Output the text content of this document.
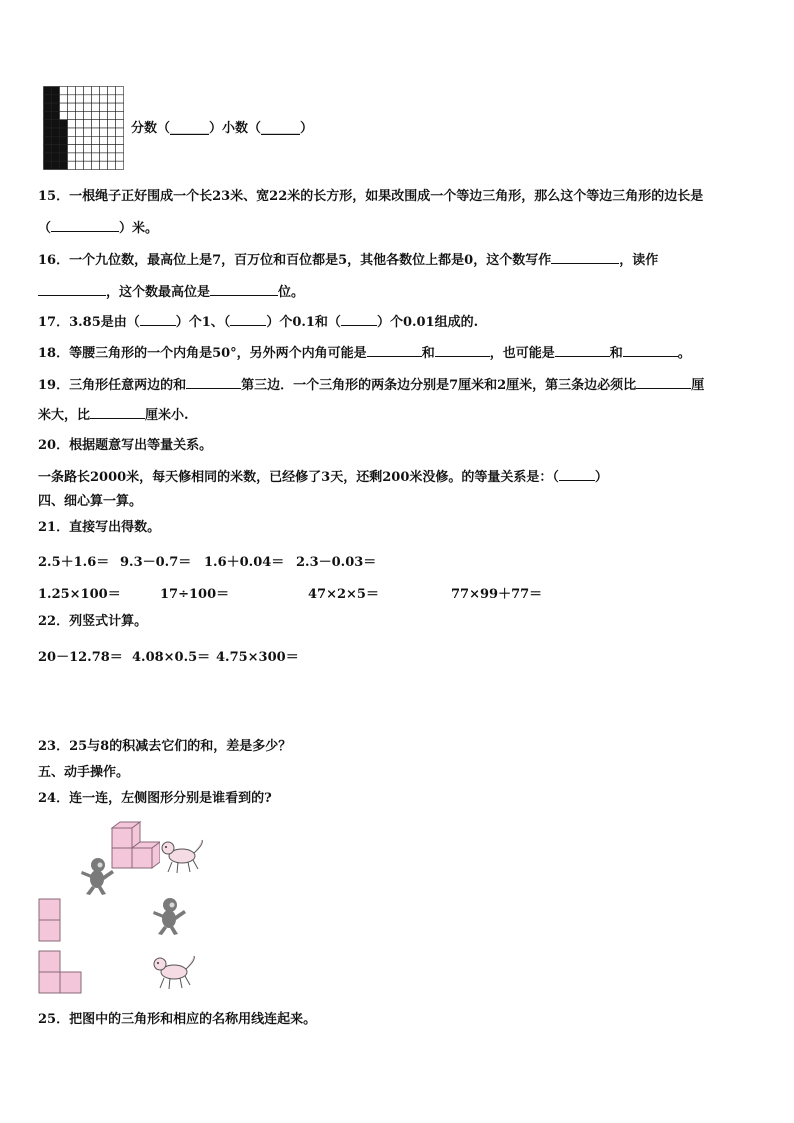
分数（______）小数（______）
15．一根绳子正好围成一个长23米、宽22米的长方形，如果改围成一个等边三角形，那么这个等边三角形的边长是
（	）米。
16．一个九位数，最高位上是7，百万位和百位都是5，其他各数位上都是0，这个数写作	，读作
，这个数最高位是	位。
17．3.85是由（	）个1、（	）个0.1和（	）个0.01组成的.
18．等腰三角形的一个内角是50°，另外两个内角可能是	和	，也可能是	和	。
19．三角形任意两边的和	第三边．一个三角形的两条边分别是7厘米和2厘米，第三条边必须比	厘
米大，比	厘米小.
20．根据题意写出等量关系。
一条路长2000米，每天修相同的米数，已经修了3天，还剩200米没修。的等量关系是：（	）
四、细心算一算。
21．直接写出得数。
2.5＋1.6＝ 9.3－0.7＝ 1.6＋0.04＝ 2.3－0.03＝
1.25×100＝	17÷100＝	47×2×5＝	77×99＋77＝
22．列竖式计算。
20－12.78＝ 4.08×0.5＝ 4.75×300＝
23．25与8的积减去它们的和，差是多少？
五、动手操作。
24．连一连，左侧图形分别是谁看到的?
25．把图中的三角形和相应的名称用线连起来。
